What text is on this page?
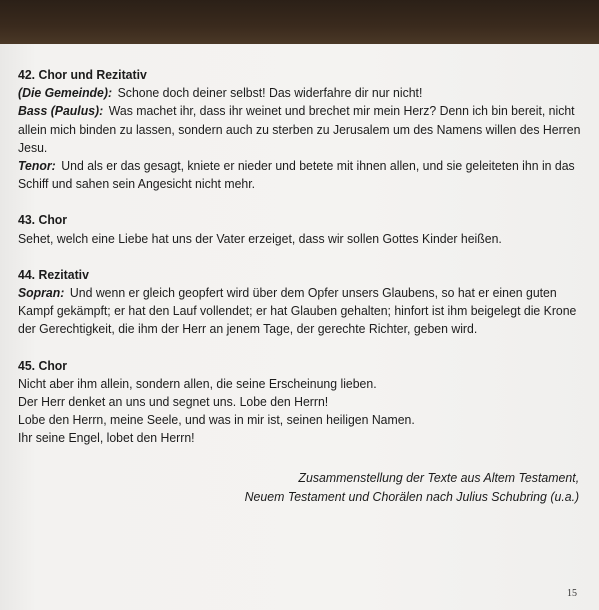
42. Chor und Rezitativ
(Die Gemeinde): Schone doch deiner selbst! Das widerfahre dir nur nicht!
Bass (Paulus): Was machet ihr, dass ihr weinet und brechet mir mein Herz? Denn ich bin bereit, nicht allein mich binden zu lassen, sondern auch zu sterben zu Jerusalem um des Namens willen des Herren Jesu.
Tenor: Und als er das gesagt, kniete er nieder und betete mit ihnen allen, und sie geleiteten ihn in das Schiff und sahen sein Angesicht nicht mehr.
43. Chor
Sehet, welch eine Liebe hat uns der Vater erzeiget, dass wir sollen Gottes Kinder heißen.
44. Rezitativ
Sopran: Und wenn er gleich geopfert wird über dem Opfer unsers Glaubens, so hat er einen guten Kampf gekämpft; er hat den Lauf vollendet; er hat Glauben gehalten; hinfort ist ihm beigelegt die Krone der Gerechtigkeit, die ihm der Herr an jenem Tage, der gerechte Richter, geben wird.
45. Chor
Nicht aber ihm allein, sondern allen, die seine Erscheinung lieben.
Der Herr denket an uns und segnet uns. Lobe den Herrn!
Lobe den Herrn, meine Seele, und was in mir ist, seinen heiligen Namen.
Ihr seine Engel, lobet den Herrn!
Zusammenstellung der Texte aus Altem Testament,
Neuem Testament und Chorälen nach Julius Schubring (u.a.)
15
